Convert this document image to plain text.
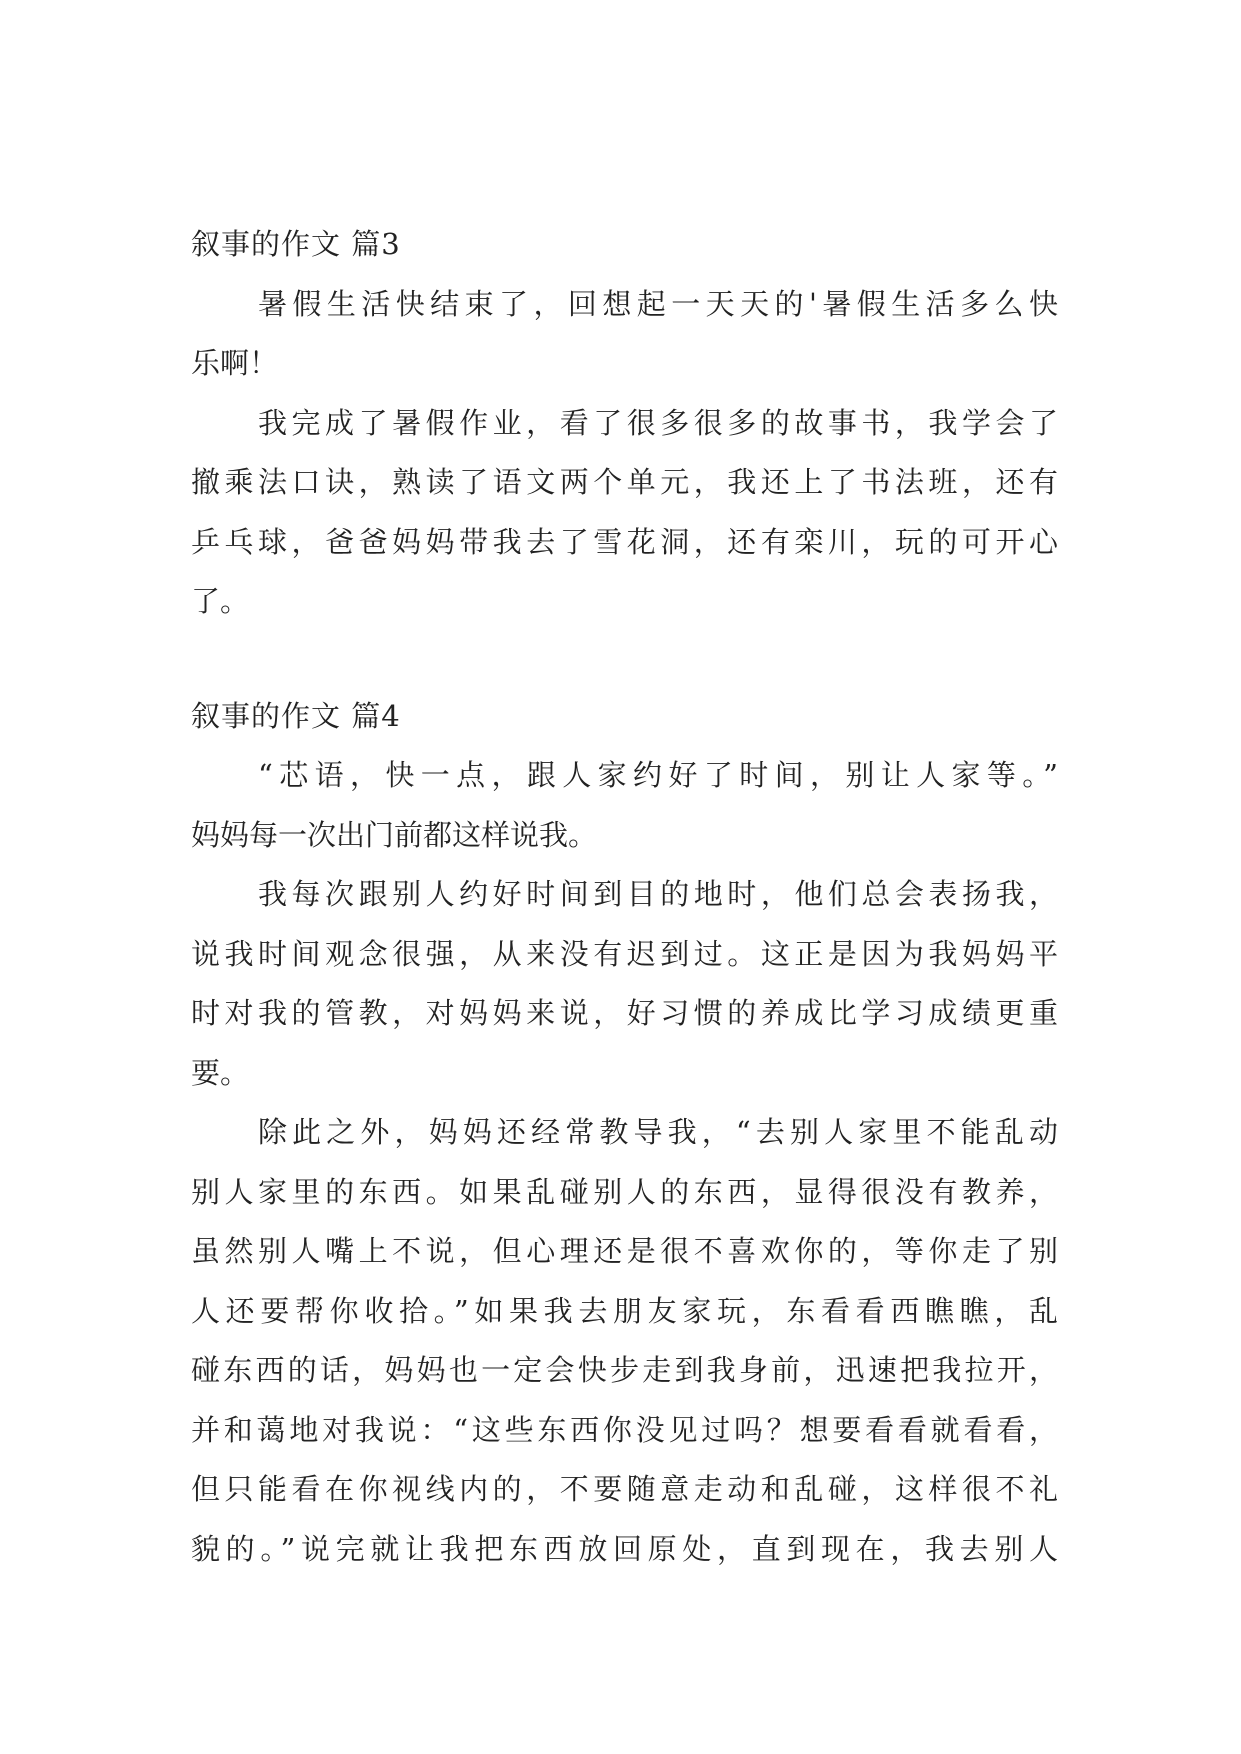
叙事的作文 篇3
暑假生活快结束了，回想起一天天的'暑假生活多么快
乐啊！
我完成了暑假作业，看了很多很多的故事书，我学会了
撤乘法口诀，熟读了语文两个单元，我还上了书法班，还有
乒乓球，爸爸妈妈带我去了雪花洞，还有栾川，玩的可开心
了。
叙事的作文 篇4
“芯语，快一点，跟人家约好了时间，别让人家等。”
妈妈每一次出门前都这样说我。
我每次跟别人约好时间到目的地时，他们总会表扬我，
说我时间观念很强，从来没有迟到过。这正是因为我妈妈平
时对我的管教，对妈妈来说，好习惯的养成比学习成绩更重
要。
除此之外，妈妈还经常教导我，“去别人家里不能乱动
别人家里的东西。如果乱碰别人的东西，显得很没有教养，
虽然别人嘴上不说，但心理还是很不喜欢你的，等你走了别
人还要帮你收拾。”如果我去朋友家玩，东看看西瞧瞧，乱
碰东西的话，妈妈也一定会快步走到我身前，迅速把我拉开，
并和蔼地对我说：“这些东西你没见过吗？想要看看就看看，
但只能看在你视线内的，不要随意走动和乱碰，这样很不礼
貌的。”说完就让我把东西放回原处，直到现在，我去别人
